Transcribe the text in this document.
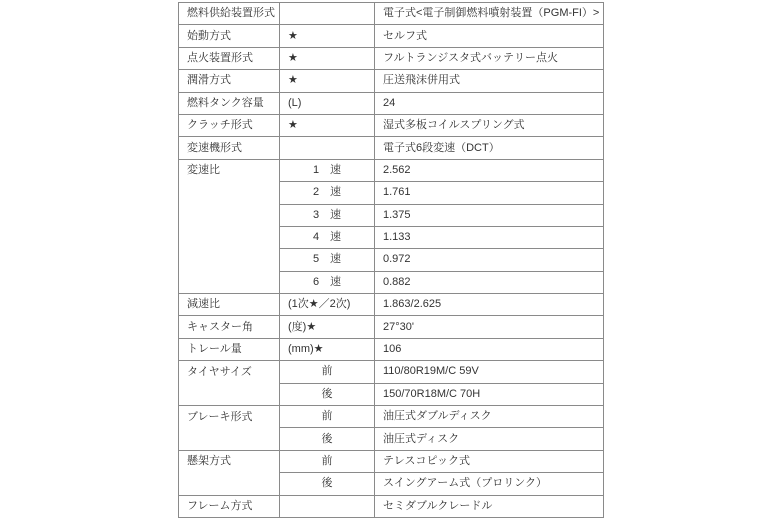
燃料供給装置形式		電子式<電子制御燃料噴射装置（PGM-FI）>
始動方式	★	セルフ式
点火装置形式	★	フルトランジスタ式バッテリー点火
潤滑方式	★	圧送飛沫併用式
燃料タンク容量	(L)	24
クラッチ形式	★	湿式多板コイルスプリング式
変速機形式		電子式6段変速（DCT）
変速比	1　速	2.562
	2　速	1.761
	3　速	1.375
	4　速	1.133
	5　速	0.972
	6　速	0.882
減速比	(1次★／2次)	1.863/2.625
キャスター角	(度)★	27°30'
トレール量	(mm)★	106
タイヤサイズ	前	110/80R19M/C 59V
	後	150/70R18M/C 70H
ブレーキ形式	前	油圧式ダブルディスク
	後	油圧式ディスク
懸架方式	前	テレスコピック式
	後	スイングアーム式（プロリンク）
フレーム方式		セミダブルクレードル
